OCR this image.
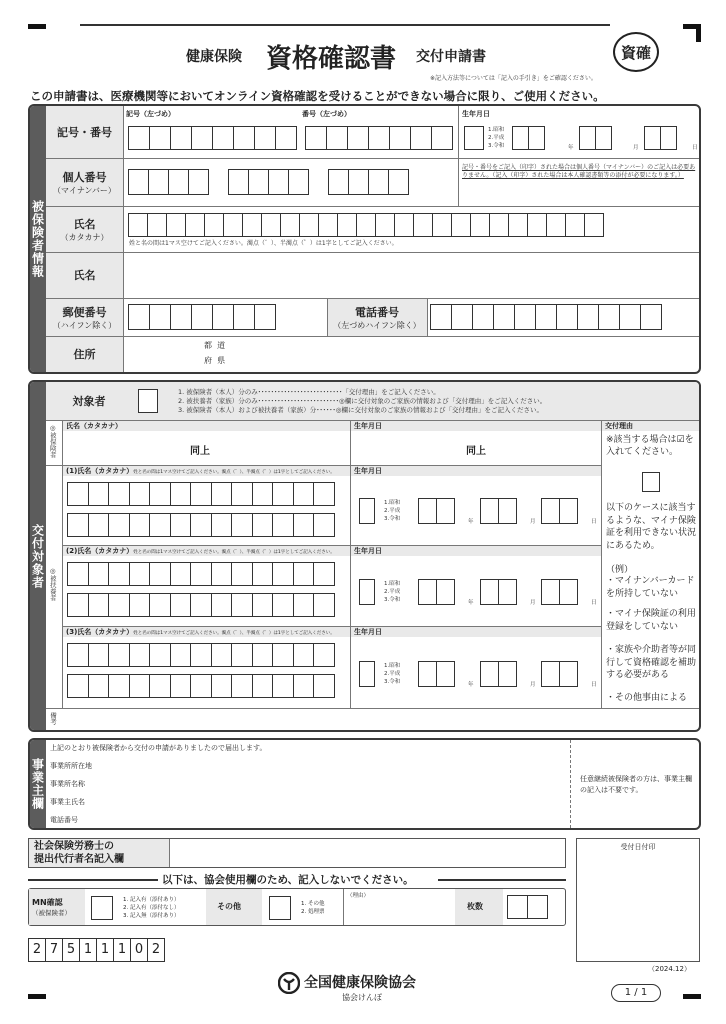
健康保険 資格確認書 交付申請書	資確
※記入方法等については「記入の手引き」をご確認ください。
この申請書は、医療機関等においてオンライン資格確認を受けることができない場合に限り、ご使用ください。
被保険者情報
記号・番号
記号（左づめ）	番号（左づめ）	生年月日
1.昭和
2.平成
3.令和	年	月	日
個人番号
（マイナンバー）
記号・番号をご記入（印字）された場合は個人番号（マイナンバー）のご記入は必要ありません。（記入（印字）された場合は本人確認書類等の添付が必要になります。）
氏名
（カタカナ）
姓と名の間は1マス空けてご記入ください。濁点（゛）、半濁点（゜）は1字としてご記入ください。
氏名
郵便番号
（ハイフン除く）
電話番号
（左づめハイフン除く）
住所
都 道
府 県
交付対象者
対象者
1. 被保険者（本人）分のみ･･････････････････････････「交付理由」をご記入ください。
2. 被扶養者（家族）分のみ･････････････････････････◎欄に交付対象のご家族の情報および「交付理由」をご記入ください。
3. 被保険者（本人）および被扶養者（家族）分･･････◎欄に交付対象のご家族の情報および「交付理由」をご記入ください。
◎被保険者
◎被扶養者
氏名（カタカナ）	生年月日	交付理由
同上	同上
(1)氏名（カタカナ）姓と名の間は1マス空けてご記入ください。濁点（゛）、半濁点（゜）は1字としてご記入ください。	生年月日
1.昭和
2.平成
3.令和	年	月	日
(2)氏名（カタカナ）姓と名の間は1マス空けてご記入ください。濁点（゛）、半濁点（゜）は1字としてご記入ください。	生年月日
1.昭和
2.平成
3.令和	年	月	日
(3)氏名（カタカナ）姓と名の間は1マス空けてご記入ください。濁点（゛）、半濁点（゜）は1字としてご記入ください。	生年月日
1.昭和
2.平成
3.令和	年	月	日
※該当する場合は☑を入れてください。
以下のケースに該当するような、マイナ保険証を利用できない状況にあるため。
（例）
・マイナンバーカードを所持していない
・マイナ保険証の利用登録をしていない
・家族や介助者等が同行して資格確認を補助する必要がある
・その他事由による
備考
事業主欄
上記のとおり被保険者から交付の申請がありましたので届出します。
事業所所在地
事業所名称
事業主氏名
電話番号
任意継続被保険者の方は、事業主欄の記入は不要です。
社会保険労務士の
提出代行者名記入欄
以下は、協会使用欄のため、記入しないでください。
MN確認
（被保険者）
1. 記入有（添付あり）
2. 記入有（添付なし）
3. 記入無（添付あり）
その他	1. その他
2. 処理票
（理由）
枚数
受付日付印
（2024.12）
2 7 5 1 1 1 0 2
全国健康保険協会
協会けんぽ	1 / 1
